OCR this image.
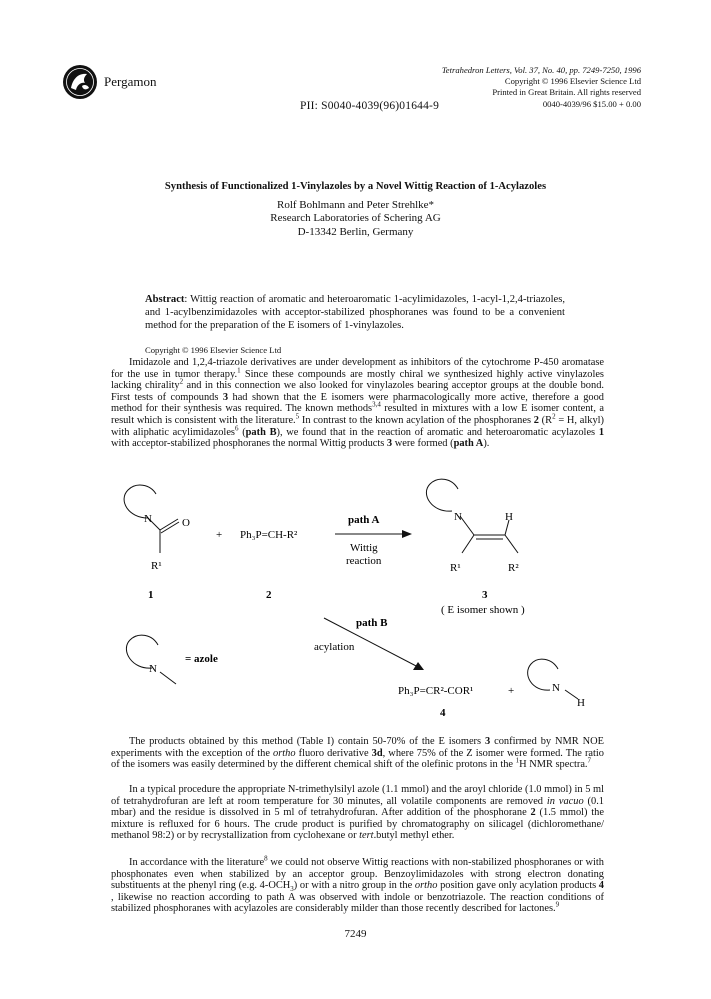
Pergamon
Tetrahedron Letters, Vol. 37, No. 40, pp. 7249-7250, 1996
Copyright © 1996 Elsevier Science Ltd
Printed in Great Britain. All rights reserved
0040-4039/96 $15.00 + 0.00
PII: S0040-4039(96)01644-9
Synthesis of Functionalized 1-Vinylazoles by a Novel Wittig Reaction of 1-Acylazoles
Rolf Bohlmann and Peter Strehlke*
Research Laboratories of Schering AG
D-13342 Berlin, Germany
Abstract: Wittig reaction of aromatic and heteroaromatic 1-acylimidazoles, 1-acyl-1,2,4-triazoles, and 1-acylbenzimidazoles with acceptor-stabilized phosphoranes was found to be a convenient method for the preparation of the E isomers of 1-vinylazoles.
Copyright © 1996 Elsevier Science Ltd
Imidazole and 1,2,4-triazole derivatives are under development as inhibitors of the cytochrome P-450 aromatase for the use in tumor therapy.$^1$ Since these compounds are mostly chiral we synthesized highly active vinylazoles lacking chirality$^2$ and in this connection we also looked for vinylazoles bearing acceptor groups at the double bond. First tests of compounds 3 had shown that the E isomers were pharmacologically more active, therefore a good method for their synthesis was required. The known methods$^{3,4}$ resulted in mixtures with a low E isomer content, a result which is consistent with the literature.$^5$ In contrast to the known acylation of the phosphoranes 2 ($R^2 = H$, alkyl) with aliphatic acylimidazoles$^6$ (path B), we found that in the reaction of aromatic and heteroaromatic acylazoles 1 with acceptor-stabilized phosphoranes the normal Wittig products 3 were formed (path A).
N	O
R¹
1
+ Ph₃P=CH-R²
2
path A
Wittig
reaction
N	H
R¹	R²
3
( E isomer shown )
path B
acylation
N
= azole
Ph₃P=CR²-COR¹	+	N
H
4
The products obtained by this method (Table I) contain 50-70% of the E isomers 3 confirmed by NMR NOE experiments with the exception of the ortho fluoro derivative 3d, where 75% of the Z isomer were formed. The ratio of the isomers was easily determined by the different chemical shift of the olefinic protons in the $^1$H NMR spectra.$^7$
In a typical procedure the appropriate N-trimethylsilyl azole (1.1 mmol) and the aroyl chloride (1.0 mmol) in 5 ml of tetrahydrofuran are left at room temperature for 30 minutes, all volatile components are removed in vacuo (0.1 mbar) and the residue is dissolved in 5 ml of tetrahydrofuran. After addition of the phosphorane 2 (1.5 mmol) the mixture is refluxed for 6 hours. The crude product is purified by chromatography on silicagel (dichloromethane/ methanol 98:2) or by recrystallization from cyclohexane or tert.butyl methyl ether.
In accordance with the literature$^8$ we could not observe Wittig reactions with non-stabilized phosphoranes or with phosphonates even when stabilized by an acceptor group. Benzoylimidazoles with strong electron donating substituents at the phenyl ring (e.g. $4-OCH_3$) or with a nitro group in the ortho position gave only acylation products 4 , likewise no reaction according to path A was observed with indole or benzotriazole. The reaction conditions of stabilized phosphoranes with acylazoles are considerably milder than those recently described for lactones.$^9$
7249
